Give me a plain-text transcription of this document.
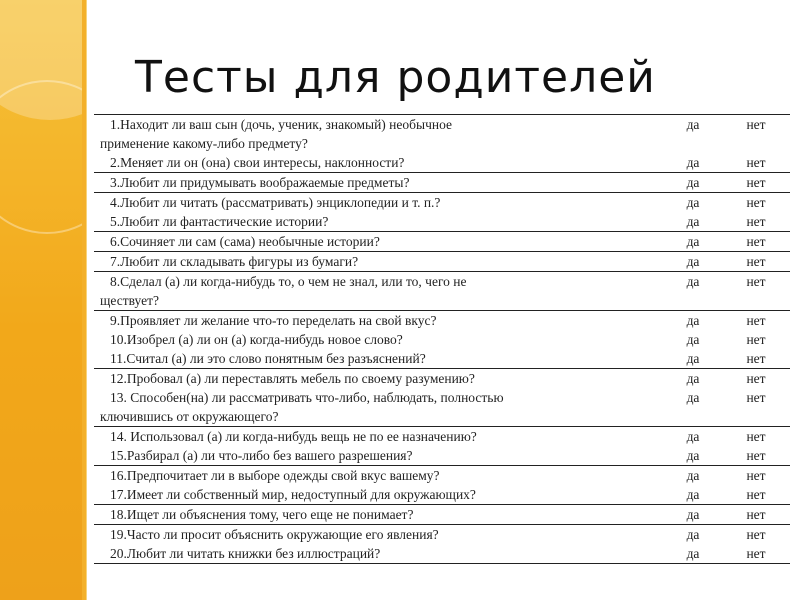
Тесты для родителей
1.Находит ли ваш сын (дочь, ученик, знакомый) необычное
применение какому-либо предмету?	да	нет

2.Меняет ли он (она) свои интересы, наклонности?	да	нет

3.Любит ли придумывать воображаемые предметы?	да	нет

4.Любит ли читать (рассматривать) энциклопедии и т. п.?	да	нет

5.Любит ли фантастические истории?	да	нет

6.Сочиняет ли сам (сама) необычные истории?	да	нет

7.Любит ли складывать фигуры из бумаги?	да	нет

8.Сделал (а) ли когда-нибудь то, о чем не знал, или то, чего не
ществует?	да	нет

9.Проявляет ли желание что-то переделать на свой вкус?	да	нет

10.Изобрел (а) ли он (а) когда-нибудь новое слово?	да	нет

11.Считал (а) ли это слово понятным без разъяснений?	да	нет

12.Пробовал (а) ли переставлять мебель по своему разумению?	да	нет

13. Способен(на) ли рассматривать что-либо, наблюдать, полностью
ключившись от окружающего?	да	нет

14. Использовал (а) ли когда-нибудь вещь не по ее назначению?	да	нет

15.Разбирал (а) ли что-либо без вашего разрешения?	да	нет

16.Предпочитает ли в выборе одежды свой вкус вашему?	да	нет

17.Имеет ли собственный мир, недоступный для окружающих?	да	нет

18.Ищет ли объяснения тому, чего еще не понимает?	да	нет

19.Часто ли просит объяснить окружающие его явления?	да	нет

20.Любит ли читать книжки без иллюстраций?	да	нет
